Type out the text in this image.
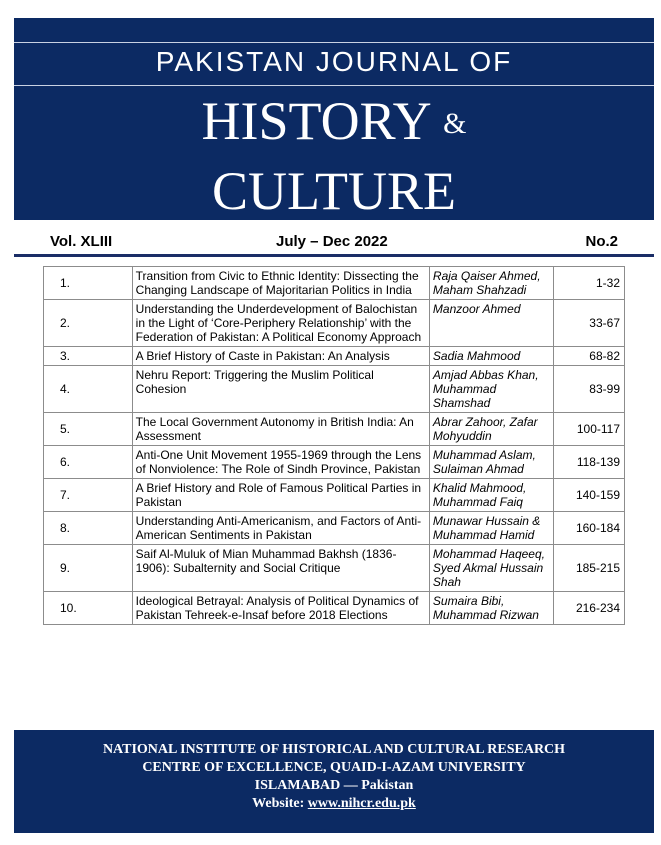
PAKISTAN JOURNAL OF
HISTORY &
CULTURE
Vol. XLIII	July – Dec 2022	No.2
1.	Transition from Civic to Ethnic Identity: Dissecting the Changing Landscape of Majoritarian Politics in India	Raja Qaiser Ahmed, Maham Shahzadi	1-32
2.	Understanding the Underdevelopment of Balochistan in the Light of ‘Core-Periphery Relationship’ with the Federation of Pakistan: A Political Economy Approach	Manzoor Ahmed	33-67
3.	A Brief History of Caste in Pakistan: An Analysis	Sadia Mahmood	68-82
4.	Nehru Report: Triggering the Muslim Political Cohesion	Amjad Abbas Khan, Muhammad Shamshad	83-99
5.	The Local Government Autonomy in British India: An Assessment	Abrar Zahoor, Zafar Mohyuddin	100-117
6.	Anti-One Unit Movement 1955-1969 through the Lens of Nonviolence: The Role of Sindh Province, Pakistan	Muhammad Aslam, Sulaiman Ahmad	118-139
7.	A Brief History and Role of Famous Political Parties in Pakistan	Khalid Mahmood, Muhammad Faiq	140-159
8.	Understanding Anti-Americanism, and Factors of Anti-American Sentiments in Pakistan	Munawar Hussain & Muhammad Hamid	160-184
9.	Saif Al-Muluk of Mian Muhammad Bakhsh (1836-1906): Subalternity and Social Critique	Mohammad Haqeeq, Syed Akmal Hussain Shah	185-215
10.	Ideological Betrayal: Analysis of Political Dynamics of Pakistan Tehreek-e-Insaf before 2018 Elections	Sumaira Bibi, Muhammad Rizwan	216-234
NATIONAL INSTITUTE OF HISTORICAL AND CULTURAL RESEARCH
CENTRE OF EXCELLENCE, QUAID-I-AZAM UNIVERSITY
ISLAMABAD — Pakistan
Website: www.nihcr.edu.pk
